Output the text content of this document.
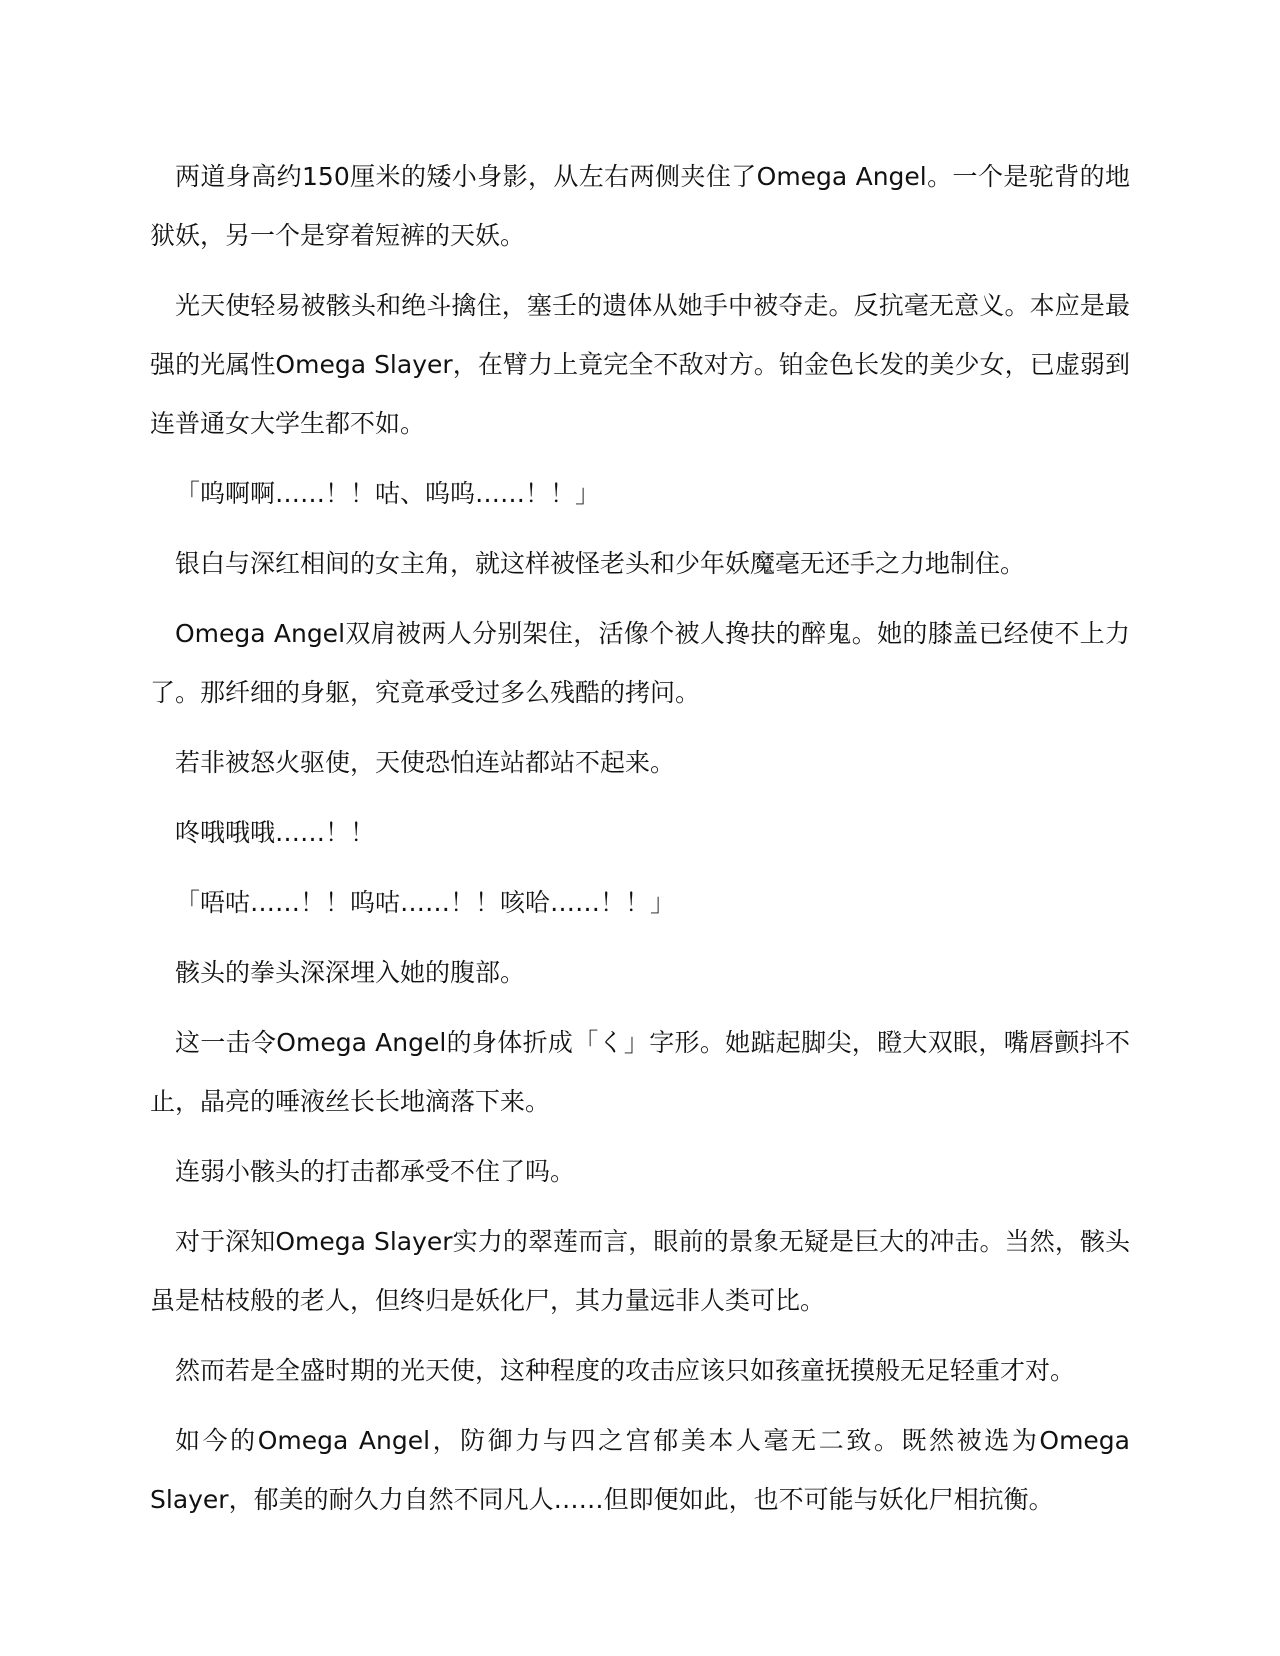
两道身高约150厘米的矮小身影，从左右两侧夹住了Omega Angel。一个是驼背的地狱妖，另一个是穿着短裤的天妖。

光天使轻易被骸头和绝斗擒住，塞壬的遗体从她手中被夺走。反抗毫无意义。本应是最强的光属性Omega Slayer，在臂力上竟完全不敌对方。铂金色长发的美少女，已虚弱到连普通女大学生都不如。

「呜啊啊……！！咕、呜呜……！！」

银白与深红相间的女主角，就这样被怪老头和少年妖魔毫无还手之力地制住。

Omega Angel双肩被两人分别架住，活像个被人搀扶的醉鬼。她的膝盖已经使不上力了。那纤细的身躯，究竟承受过多么残酷的拷问。

若非被怒火驱使，天使恐怕连站都站不起来。

咚哦哦哦……！！

「唔咕……！！呜咕……！！咳哈……！！」

骸头的拳头深深埋入她的腹部。

这一击令Omega Angel的身体折成「く」字形。她踮起脚尖，瞪大双眼，嘴唇颤抖不止，晶亮的唾液丝长长地滴落下来。

连弱小骸头的打击都承受不住了吗。

对于深知Omega Slayer实力的翠莲而言，眼前的景象无疑是巨大的冲击。当然，骸头虽是枯枝般的老人，但终归是妖化尸，其力量远非人类可比。

然而若是全盛时期的光天使，这种程度的攻击应该只如孩童抚摸般无足轻重才对。

如今的Omega Angel，防御力与四之宫郁美本人毫无二致。既然被选为Omega Slayer，郁美的耐久力自然不同凡人……但即便如此，也不可能与妖化尸相抗衡。
